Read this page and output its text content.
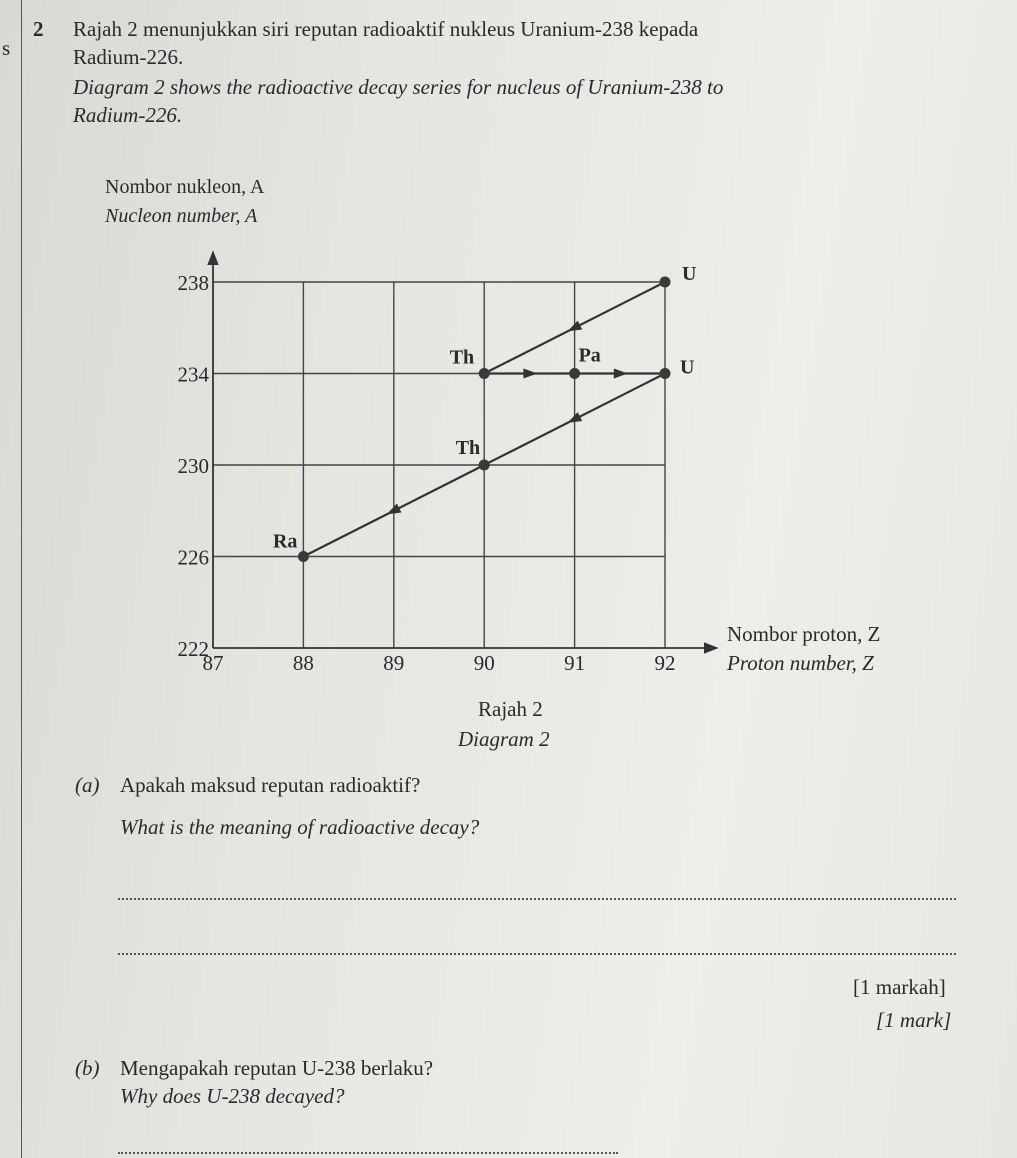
s
2 Rajah 2 menunjukkan siri reputan radioaktif nukleus Uranium-238 kepada
Radium-226.
Diagram 2 shows the radioactive decay series for nucleus of Uranium-238 to
Radium-226.
Nombor nukleon, A
Nucleon number, A
222
226
230
234
238
87	88	89	90	91	92
U
Th	Pa
U
Th
Ra
Nombor proton, Z
Proton number, Z
Rajah 2
Diagram 2
(a) Apakah maksud reputan radioaktif?
What is the meaning of radioactive decay?
[1 markah]
[1 mark]
(b) Mengapakah reputan U-238 berlaku?
Why does U-238 decayed?
